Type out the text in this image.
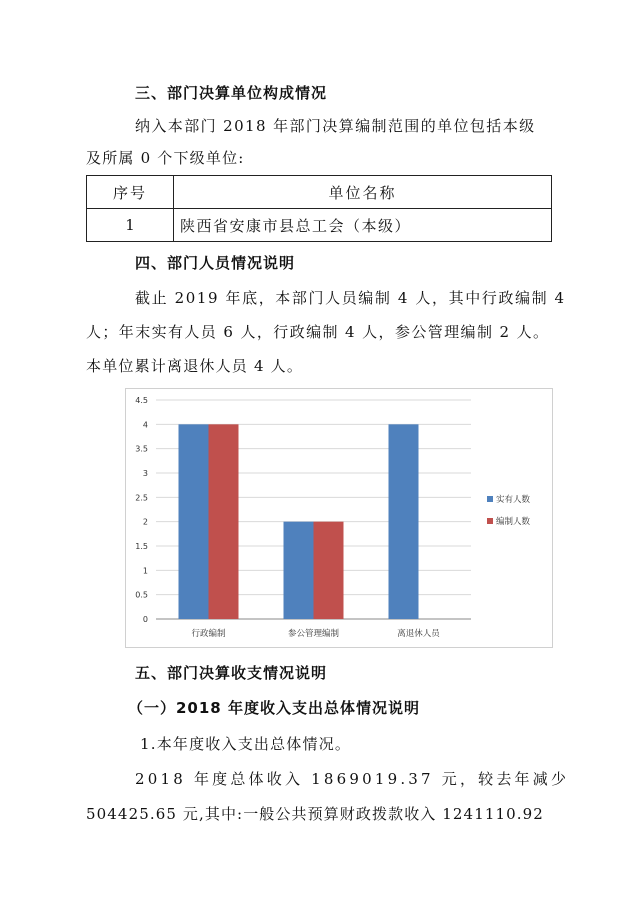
三、部门决算单位构成情况
纳入本部门 2018 年部门决算编制范围的单位包括本级
及所属 0 个下级单位:
序号	单位名称
1	陕西省安康市县总工会（本级）
四、部门人员情况说明
截止 2019 年底，本部门人员编制 4 人，其中行政编制 4
人；年末实有人员 6 人，行政编制 4 人，参公管理编制 2 人。
本单位累计离退休人员 4 人。
0
0.5
1
1.5
2
2.5
3
3.5
4
4.5
行政编制	参公管理编制	离退休人员
实有人数
编制人数
五、部门决算收支情况说明
（一）2018 年度收入支出总体情况说明
1.本年度收入支出总体情况。
2018 年度总体收入 1869019.37 元，较去年减少
504425.65 元,其中:一般公共预算财政拨款收入 1241110.92
